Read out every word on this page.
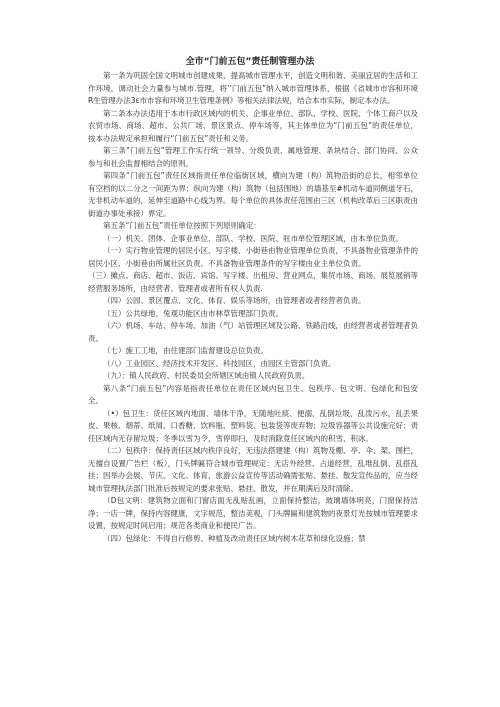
全市“门前五包”责任制管理办法

第一条为巩固全国文明城市创建成果，提高城市管理水平，创造文明和谐、美丽宜居的生活和工作环境，调动社会力量参与城市.管理，将‘’门前五包”纳入城市管理体系，根据《省城市市容和环境R生管理办法3ε市市容和环境卫生管理条例》等相关法律法规，结合本市实际，制定本办法。

第二条本办法适用于本市行政区域内的机关、企事业单位、部队、学校、医院、个体工商户以及农贸市场、商场、超市、公共厂场、景区景点、停车场等，其主体单位为“门前五包”的责任单位，按本办法规定承担和履行“门前五包”责任和义务。

第三条“门前五包”管理工作实行统一领导、分级负责、属地管理、条块结合、部门协同、公众参与和社会监督相结合的原则。

第四条“门前五包”责任区域指责任单位临街区域，横向为建（构）筑物沿街的总长，相邻单位有空档的以二分之一间距为界；纵向为建（构）筑物（包括围地）的墙基至#机动车道同侧道牙石，无非机动车道的，延伸至道路中心线为界。每个单位的具体责任范围由三区（机构改革后三区职责由街道办事处承接）界定。

第五条“门前五包”责任单位按照下列原则确定：

（一）机关、团体、企事业单位、部队、学校、医院、驻市单位管理区域，由本单位负责。

（一）实行物业管理的居民小区、写字楼、小街巷由物业管理单位负责，不具备物业管理条件的居民小区、小街巷由所属社区负责。不具备物业管理条件的写字楼由业主单位负责。

（三）摊点、商店、超市、饭店、宾馆、写字楼、出租房、营业网点、集贸市场、商场、展览展销等经营服务场所，由经营者、管理者或者所有权人负责.

（四）公园、景区覆点、文化、体育、娱乐等场所，由管理者或者经营者负责。

（五）公共绿地、兔观功能区由市林草管理部门负责。

（六）机场、车站、停车场、加油（气）站管理区域及公路、铁路沿线，由经营者或者管理者负责。

（七）施工工地，由住建部门监督建设总位负责。

（八）工业园区、经济技术开发区、科技园区，由园区主管部门负责。

（九）：镇人民政府、村民委员会所辖区域由镇人民政府负责。

第八条“门前五包”内容是指责任单位在责任区域内包卫生、包秩序、包文明、包绿化和包安全。

（•）包卫生：货任区域内地面、墙体干净，无随地吐痰、便溺，乱倒垃圾、乱泼污水，乱丢果皮、果核、烟蒂、纸屑、口香糖、饮料瓶、塑料袋、包装袋等废弃物；垃圾容器等公共设施完好；责任区域内无存留垃圾；冬季以雪为令，雪停即扫，及时消除竟任区域内的积雪、积冰。

（二）包秩序：保持责任区域内秩序良好，无违法搭建建（构）筑物及棚、亭、伞、架、围栏，无擅自设置广告栏（板），门头牌匾符合城市管理规定：无店外经营、占道经营，乱堆乱倒、乱搭乱挂；因举办会展、节庆、文化、体育、旅游公益宣传等活动确需张贴、悬挂、散发宣传品的，应当经城市管理执法部门批准后按规定的要求张贴、悬挂、散发，并在期满后及时清除。

（D包文明：建筑物立面和门窗店面无乱贴乱画，立面保持整洁，玻璃墙体明亮，门窗保持洁净；一店一牌，保持内容健康，文字规范，整洁美观，门头牌匾和建筑物的夜景灯光按城市管理要求设置，按规定时间启用；规范各类商业和便民广告。

（四）包绿化：不得自行修剪、种植及改动责任区域内树木花草和绿化设施；禁
